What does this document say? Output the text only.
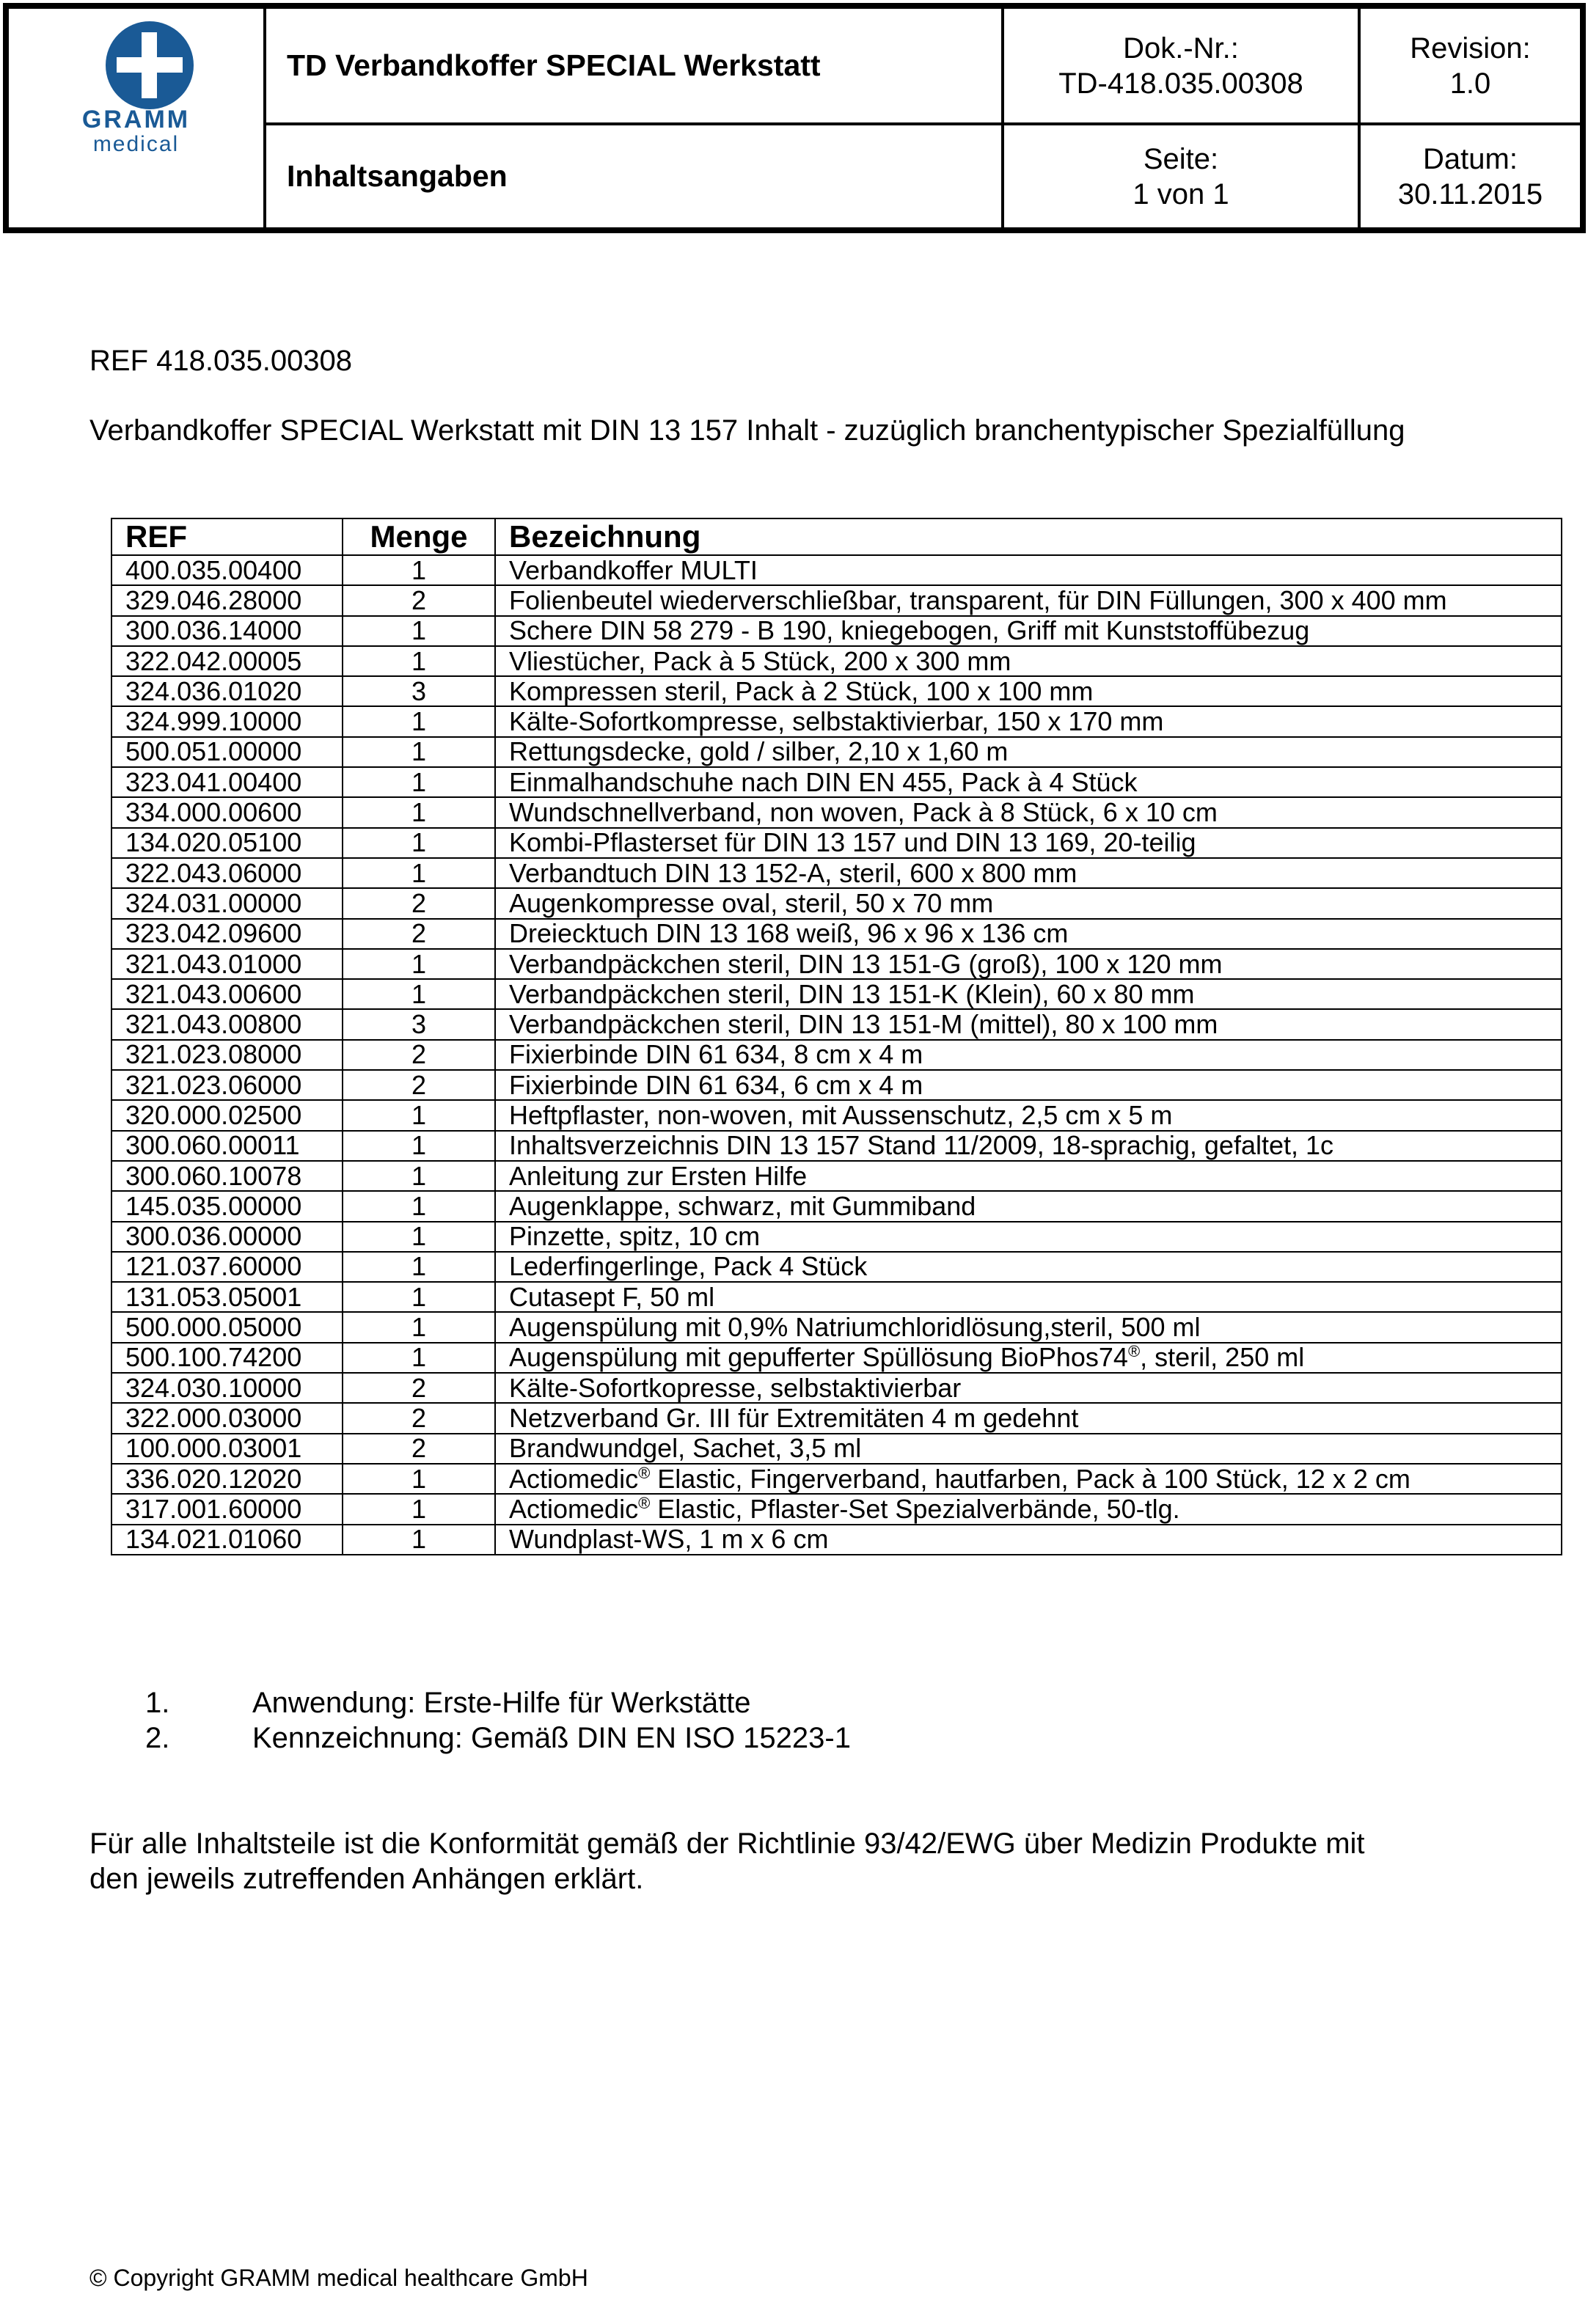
GRAMM
medical
TD Verbandkoffer SPECIAL Werkstatt
Inhaltsangaben
Dok.-Nr.:
TD-418.035.00308
Seite:
1 von 1
Revision:
1.0
Datum:
30.11.2015
REF 418.035.00308
Verbandkoffer SPECIAL Werkstatt mit DIN 13 157 Inhalt - zuzüglich branchentypischer Spezialfüllung
REF	Menge	Bezeichnung
400.035.00400	1	Verbandkoffer MULTI
329.046.28000	2	Folienbeutel wiederverschließbar, transparent, für DIN Füllungen, 300 x 400 mm
300.036.14000	1	Schere DIN 58 279 - B 190, kniegebogen, Griff mit Kunststoffübezug
322.042.00005	1	Vliestücher, Pack à 5 Stück, 200 x 300 mm
324.036.01020	3	Kompressen steril, Pack à 2 Stück, 100 x 100 mm
324.999.10000	1	Kälte-Sofortkompresse, selbstaktivierbar, 150 x 170 mm
500.051.00000	1	Rettungsdecke, gold / silber, 2,10 x 1,60 m
323.041.00400	1	Einmalhandschuhe nach DIN EN 455, Pack à 4 Stück
334.000.00600	1	Wundschnellverband, non woven, Pack à 8 Stück, 6 x 10 cm
134.020.05100	1	Kombi-Pflasterset für DIN 13 157 und DIN 13 169, 20-teilig
322.043.06000	1	Verbandtuch DIN 13 152-A, steril, 600 x 800 mm
324.031.00000	2	Augenkompresse oval, steril, 50 x 70 mm
323.042.09600	2	Dreiecktuch DIN 13 168 weiß, 96 x 96 x 136 cm
321.043.01000	1	Verbandpäckchen steril, DIN 13 151-G (groß), 100 x 120 mm
321.043.00600	1	Verbandpäckchen steril, DIN 13 151-K (Klein), 60 x 80 mm
321.043.00800	3	Verbandpäckchen steril, DIN 13 151-M (mittel), 80 x 100 mm
321.023.08000	2	Fixierbinde DIN 61 634, 8 cm x 4 m
321.023.06000	2	Fixierbinde DIN 61 634, 6 cm x 4 m
320.000.02500	1	Heftpflaster, non-woven, mit Aussenschutz, 2,5 cm x 5 m
300.060.00011	1	Inhaltsverzeichnis DIN 13 157 Stand 11/2009, 18-sprachig, gefaltet, 1c
300.060.10078	1	Anleitung zur Ersten Hilfe
145.035.00000	1	Augenklappe, schwarz, mit Gummiband
300.036.00000	1	Pinzette, spitz, 10 cm
121.037.60000	1	Lederfingerlinge, Pack 4 Stück
131.053.05001	1	Cutasept F, 50 ml
500.000.05000	1	Augenspülung mit 0,9% Natriumchloridlösung,steril, 500 ml
500.100.74200	1	Augenspülung mit gepufferter Spüllösung BioPhos74®, steril, 250 ml
324.030.10000	2	Kälte-Sofortkopresse, selbstaktivierbar
322.000.03000	2	Netzverband Gr. III für Extremitäten 4 m gedehnt
100.000.03001	2	Brandwundgel, Sachet, 3,5 ml
336.020.12020	1	Actiomedic® Elastic, Fingerverband, hautfarben, Pack à 100 Stück, 12 x 2 cm
317.001.60000	1	Actiomedic® Elastic, Pflaster-Set Spezialverbände, 50-tlg.
134.021.01060	1	Wundplast-WS, 1 m x 6 cm
1.	Anwendung: Erste-Hilfe für Werkstätte
2.	Kennzeichnung: Gemäß DIN EN ISO 15223-1
Für alle Inhaltsteile ist die Konformität gemäß der Richtlinie 93/42/EWG über Medizin Produkte mit
den jeweils zutreffenden Anhängen erklärt.
© Copyright GRAMM medical healthcare GmbH
